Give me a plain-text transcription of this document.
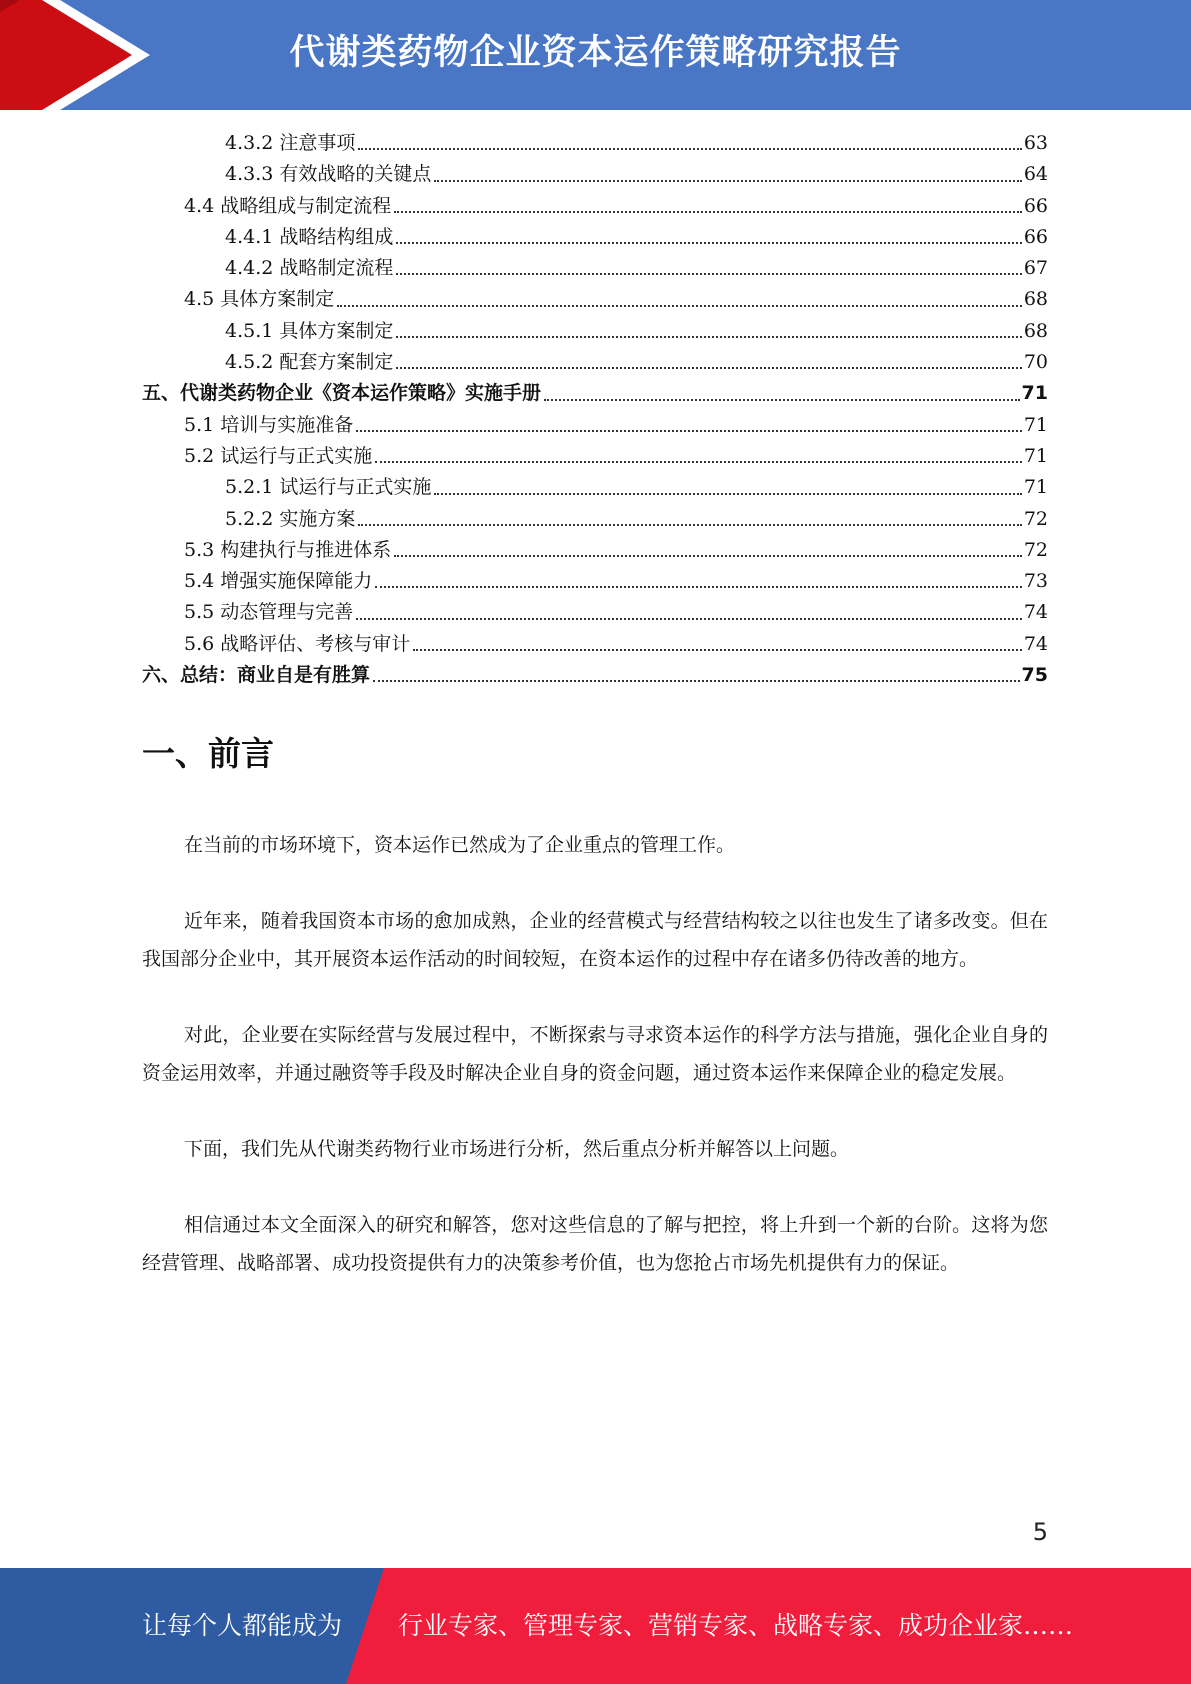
代谢类药物企业资本运作策略研究报告
4.3.2 注意事项	63
4.3.3 有效战略的关键点	64
4.4 战略组成与制定流程	66
4.4.1 战略结构组成	66
4.4.2 战略制定流程	67
4.5 具体方案制定	68
4.5.1 具体方案制定	68
4.5.2 配套方案制定	70
五、代谢类药物企业《资本运作策略》实施手册	71
5.1 培训与实施准备	71
5.2 试运行与正式实施	71
5.2.1 试运行与正式实施	71
5.2.2 实施方案	72
5.3 构建执行与推进体系	72
5.4 增强实施保障能力	73
5.5 动态管理与完善	74
5.6 战略评估、考核与审计	74
六、总结：商业自是有胜算	75
一、前言

在当前的市场环境下，资本运作已然成为了企业重点的管理工作。

近年来，随着我国资本市场的愈加成熟，企业的经营模式与经营结构较之以往也发生了诸多改变。但在我国部分企业中，其开展资本运作活动的时间较短，在资本运作的过程中存在诸多仍待改善的地方。

对此，企业要在实际经营与发展过程中，不断探索与寻求资本运作的科学方法与措施，强化企业自身的资金运用效率，并通过融资等手段及时解决企业自身的资金问题，通过资本运作来保障企业的稳定发展。

下面，我们先从代谢类药物行业市场进行分析，然后重点分析并解答以上问题。

相信通过本文全面深入的研究和解答，您对这些信息的了解与把控，将上升到一个新的台阶。这将为您经营管理、战略部署、成功投资提供有力的决策参考价值，也为您抢占市场先机提供有力的保证。

5
让每个人都能成为 行业专家、管理专家、营销专家、战略专家、成功企业家……
